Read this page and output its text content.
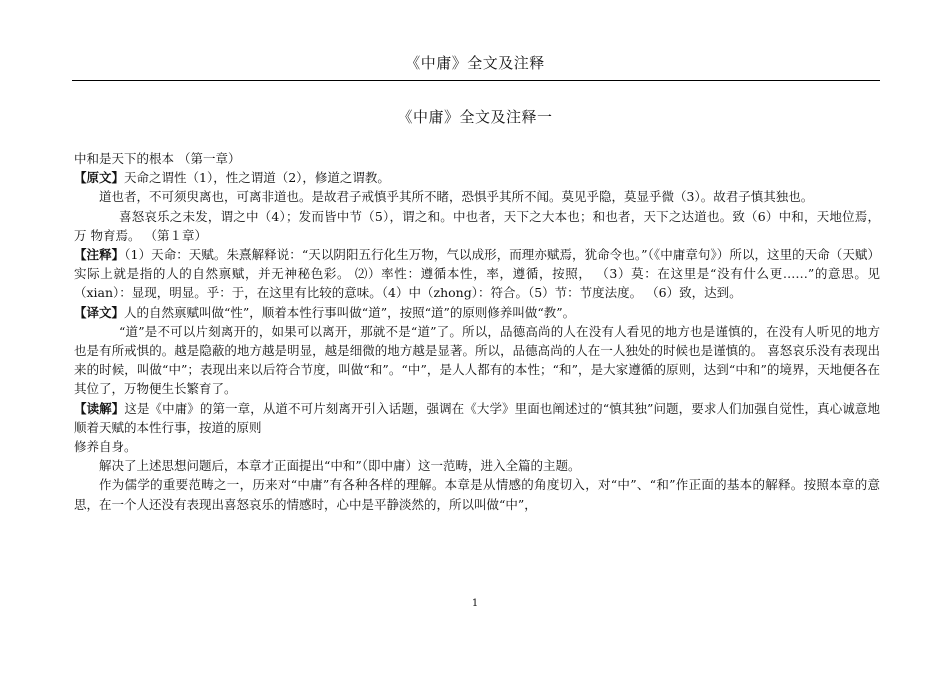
《中庸》全文及注释
《中庸》全文及注释一

中和是天下的根本 （第一章）

【原文】天命之谓性（1），性之谓道（2），修道之谓教。

道也者，不可须臾离也，可离非道也。是故君子戒慎乎其所不睹，恐惧乎其所不闻。莫见乎隐，莫显乎微（3）。故君子慎其独也。

喜怒哀乐之未发，谓之中（4）；发而皆中节（5），谓之和。中也者，天下之大本也；和也者，天下之达道也。致（6）中和，天地位焉，万 物育焉。 （第１章）

【注释】（1）天命：天赋。朱熹解释说：“天以阴阳五行化生万物，气以成形，而理亦赋焉，犹命令也。”（《中庸章句》）所以，这里的天命（天赋）实际上就是指的人的自然禀赋，并无神秘色彩。 ⑵）率性：遵循本性，率，遵循，按照， （3）莫：在这里是“没有什么更……”的意思。见（xian）：显现，明显。乎：于，在这里有比较的意味。（4）中（zhong）：符合。（5）节：节度法度。 （6）致，达到。

【译文】人的自然禀赋叫做“性”，顺着本性行事叫做“道”，按照“道”的原则修养叫做“教”。

“道”是不可以片刻离开的，如果可以离开，那就不是“道”了。所以，品德高尚的人在没有人看见的地方也是谨慎的，在没有人听见的地方也是有所戒惧的。越是隐蔽的地方越是明显，越是细微的地方越是显著。所以，品德高尚的人在一人独处的时候也是谨慎的。 喜怒哀乐没有表现出来的时候，叫做“中”；表现出来以后符合节度，叫做“和”。“中”，是人人都有的本性；“和”，是大家遵循的原则，达到“中和”的境界，天地便各在其位了，万物便生长繁育了。

【读解】这是《中庸》的第一章，从道不可片刻离开引入话题，强调在《大学》里面也阐述过的“慎其独”问题，要求人们加强自觉性，真心诚意地顺着天赋的本性行事，按道的原则

修养自身。

解决了上述思想问题后，本章才正面提出“中和”（即中庸）这一范畴，进入全篇的主题。

作为儒学的重要范畴之一，历来对“中庸”有各种各样的理解。本章是从情感的角度切入，对“中”、“和”作正面的基本的解释。按照本章的意思，在一个人还没有表现出喜怒哀乐的情感时，心中是平静淡然的，所以叫做“中”，

1
